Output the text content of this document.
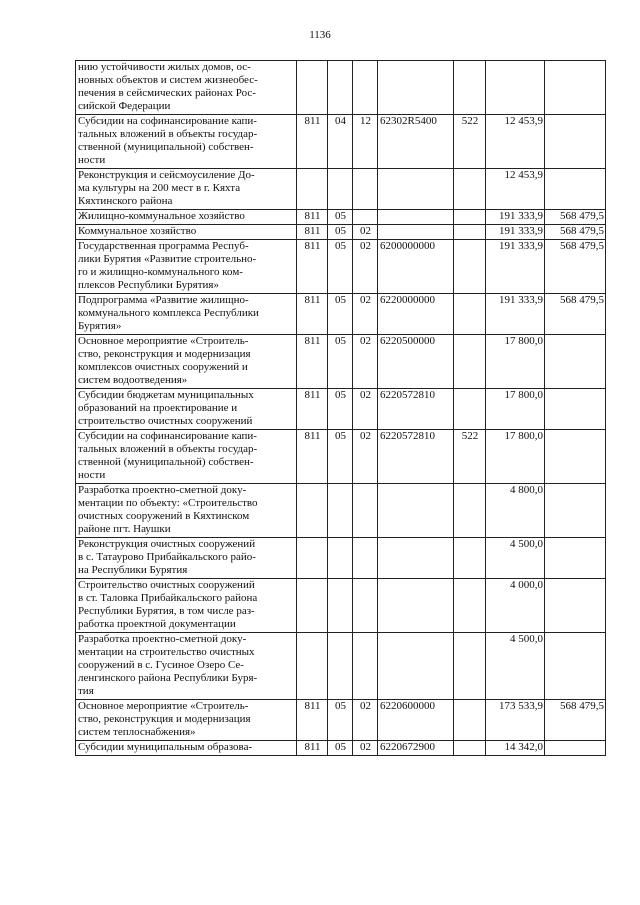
1136
нию устойчивости жилых домов, ос-
новных объектов и систем жизнеобес-
печения в сейсмических районах Рос-
сийской Федерации							
Субсидии на софинансирование капи-
тальных вложений в объекты государ-
ственной (муниципальной) собствен-
ности	811	04	12	62302R5400	522	12 453,9	
Реконструкция и сейсмоусиление До-
ма культуры на 200 мест в г. Кяхта
Кяхтинского района						12 453,9	
Жилищно-коммунальное хозяйство	811	05				191 333,9	568 479,5
Коммунальное хозяйство	811	05	02			191 333,9	568 479,5
Государственная программа Респуб-
лики Бурятия «Развитие строительно-
го и жилищно-коммунального ком-
плексов Республики Бурятия»	811	05	02	6200000000		191 333,9	568 479,5
Подпрограмма «Развитие жилищно-
коммунального комплекса Республики
Бурятия»	811	05	02	6220000000		191 333,9	568 479,5
Основное мероприятие «Строитель-
ство, реконструкция и модернизация
комплексов очистных сооружений и
систем водоотведения»	811	05	02	6220500000		17 800,0	
Субсидии бюджетам муниципальных
образований на проектирование и
строительство очистных сооружений	811	05	02	6220572810		17 800,0	
Субсидии на софинансирование капи-
тальных вложений в объекты государ-
ственной (муниципальной) собствен-
ности	811	05	02	6220572810	522	17 800,0	
Разработка проектно-сметной доку-
ментации по объекту: «Строительство
очистных сооружений в Кяхтинском
районе пгт. Наушки						4 800,0	
Реконструкция очистных сооружений
в с. Татаурово Прибайкальского райо-
на Республики Бурятия						4 500,0	
Строительство очистных сооружений
в ст. Таловка Прибайкальского района
Республики Бурятия, в том числе раз-
работка проектной документации						4 000,0	
Разработка проектно-сметной доку-
ментации на строительство очистных
сооружений в с. Гусиное Озеро Се-
ленгинского района Республики Буря-
тия						4 500,0	
Основное мероприятие «Строитель-
ство, реконструкция и модернизация
систем теплоснабжения»	811	05	02	6220600000		173 533,9	568 479,5
Субсидии муниципальным образова-	811	05	02	6220672900		14 342,0	
